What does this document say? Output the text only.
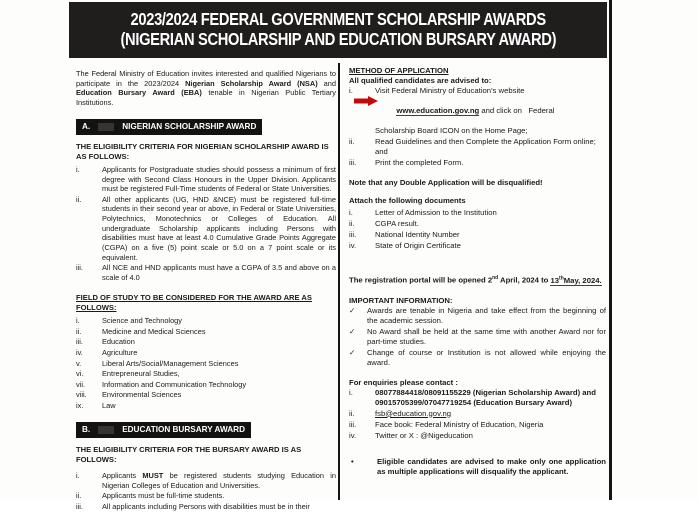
2023/2024 FEDERAL GOVERNMENT SCHOLARSHIP AWARDS
(NIGERIAN SCHOLARSHIP AND EDUCATION BURSARY AWARD)
The Federal Ministry of Education invites interested and qualified Nigerians to participate in the 2023/2024 Nigerian Scholarship Award (NSA) and Education Bursary Award (EBA) tenable in Nigerian Public Tertiary Institutions.
A.	NIGERIAN SCHOLARSHIP AWARD
THE ELIGIBILITY CRITERIA FOR NIGERIAN SCHOLARSHIP AWARD IS AS FOLLOWS:
i.	Applicants for Postgraduate studies should possess a minimum of first degree with Second Class Honours in the Upper Division. Applicants must be registered Full-Time students of Federal or State Universities.
ii.	All other applicants (UG, HND &NCE) must be registered full-time students in their second year or above, in Federal or State Universities, Polytechnics, Monotechnics or Colleges of Education. All undergraduate Scholarship applicants including Persons with disabilities must have at least 4.0 Cumulative Grade Points Aggregate (CGPA) on a five (5) point scale or 5.0 on a 7 point scale or its equivalent.
iii.	All NCE and HND applicants must have a CGPA of 3.5 and above on a scale of 4.0
FIELD OF STUDY TO BE CONSIDERED FOR THE AWARD ARE AS FOLLOWS:
i.	Science and Technology
ii.	Medicine and Medical Sciences
iii.	Education
iv.	Agriculture
v.	Liberal Arts/Social/Management Sciences
vi.	Entrepreneural Studies,
vii.	Information and Communication Technology
viii.	Environmental Sciences
ix.	Law
B.	EDUCATION BURSARY AWARD
THE ELIGIBILITY CRITERIA FOR THE BURSARY AWARD IS AS FOLLOWS:
i.	Applicants MUST be registered students studying Education in Nigerian Colleges of Education and Universities.
ii.	Applicants must be full-time students.
iii.	All applicants including Persons with disabilities must be in their
METHOD OF APPLICATION
All qualified candidates are advised to:
i.	Visit Federal Ministry of Education's website

www.education.gov.ng and click on   Federal

Scholarship Board ICON on the Home Page;
ii.	Read Guidelines and then Complete the Application Form online; and
iii.	Print the completed Form.
Note that any Double Application will be disqualified!
Attach the following documents
i.	Letter of Admission to the Institution
ii.	CGPA result.
iii.	National Identity Number
iv.	State of Origin Certificate
The registration portal will be opened 2nd April, 2024 to 13thMay, 2024.
IMPORTANT INFORMATION:
✓	Awards are tenable in Nigeria and take effect from the beginning of the academic session.
✓	No Award shall be held at the same time with another Award nor for part-time studies.
✓	Change of course or Institution is not allowed while enjoying the award.
For enquiries please contact :
i.	08077884418/08091155229 (Nigerian Scholarship Award) and 09015705399/07047719254 (Education Bursary Award)
ii.	fsb@education.gov.ng
iii.	Face book: Federal Ministry of Education, Nigeria
iv.	Twitter or X : @Nigeducation
•	Eligible candidates are advised to make only one application as multiple applications will disqualify the applicant.
